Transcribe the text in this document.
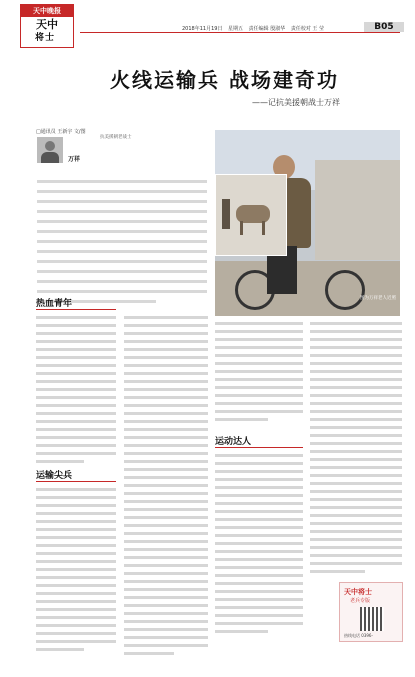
天中晚报
天中
将士
2018年11月19日 星期五 责任编辑 殷淑华 责任校对 王 莹	B05
火线运输兵 战场建奇功
——记抗美援朝战士万祥
□通讯员 王新宇 文/图
万祥
抗美援朝老战士
图为万祥老人近照
热血青年
运输尖兵
运动达人
天中将士
老兵专版
热线电话 0396-
